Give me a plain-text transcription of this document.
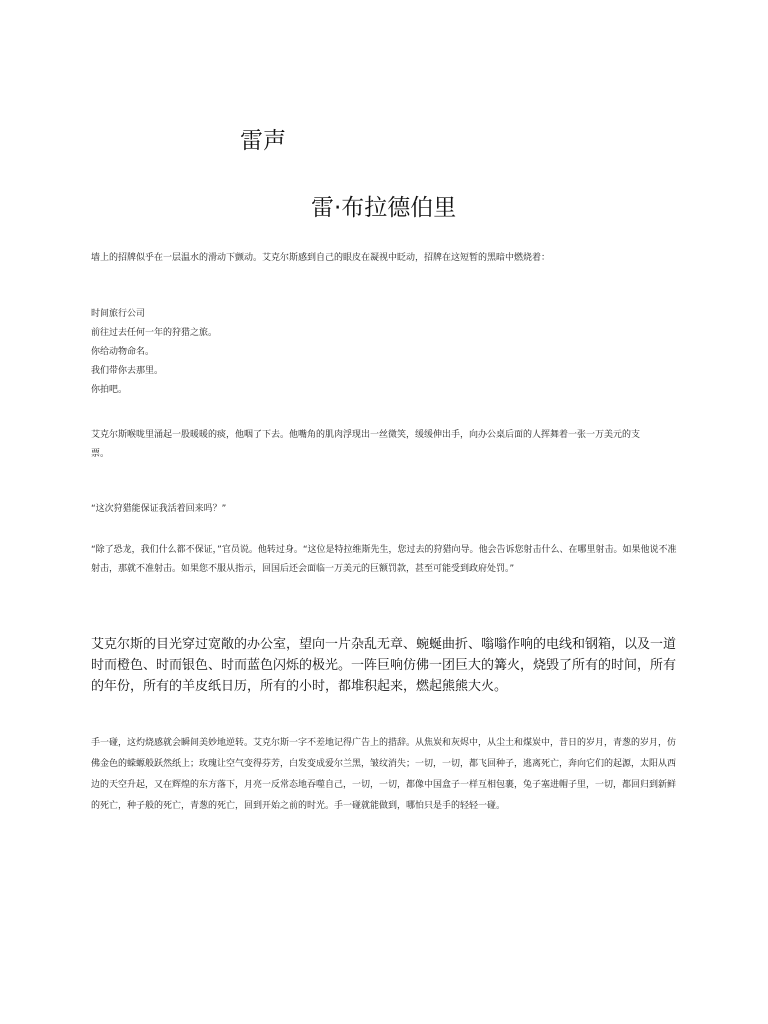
雷声
雷·布拉德伯里
墙上的招牌似乎在一层温水的滑动下颤动。艾克尔斯感到自己的眼皮在凝视中眨动，招牌在这短暂的黑暗中燃烧着：
时间旅行公司
前往过去任何一年的狩猎之旅。
你给动物命名。
我们带你去那里。
你拍吧。
艾克尔斯喉咙里涌起一股暖暖的痰，他咽了下去。他嘴角的肌肉浮现出一丝微笑，缓缓伸出手，向办公桌后面的人挥舞着一张一万美元的支票。
“这次狩猎能保证我活着回来吗？”
“除了恐龙，我们什么都不保证，”官员说。他转过身。“这位是特拉维斯先生，您过去的狩猎向导。他会告诉您射击什么、在哪里射击。如果他说不准射击，那就不准射击。如果您不服从指示，回国后还会面临一万美元的巨额罚款，甚至可能受到政府处罚。”
艾克尔斯的目光穿过宽敞的办公室，望向一片杂乱无章、蜿蜒曲折、嗡嗡作响的电线和钢箱，以及一道时而橙色、时而银色、时而蓝色闪烁的极光。一阵巨响仿佛一团巨大的篝火，烧毁了所有的时间，所有的年份，所有的羊皮纸日历，所有的小时，都堆积起来，燃起熊熊大火。
手一碰，这灼烧感就会瞬间美妙地逆转。艾克尔斯一字不差地记得广告上的措辞。从焦炭和灰烬中，从尘土和煤炭中，昔日的岁月，青葱的岁月，仿佛金色的蝾螈般跃然纸上；玫瑰让空气变得芬芳，白发变成爱尔兰黑，皱纹消失；一切，一切，都飞回种子，逃离死亡，奔向它们的起源，太阳从西边的天空升起，又在辉煌的东方落下，月亮一反常态地吞噬自己，一切，一切，都像中国盒子一样互相包裹，兔子塞进帽子里，一切，都回归到新鲜的死亡，种子般的死亡，青葱的死亡，回到开始之前的时光。手一碰就能做到，哪怕只是手的轻轻一碰。
